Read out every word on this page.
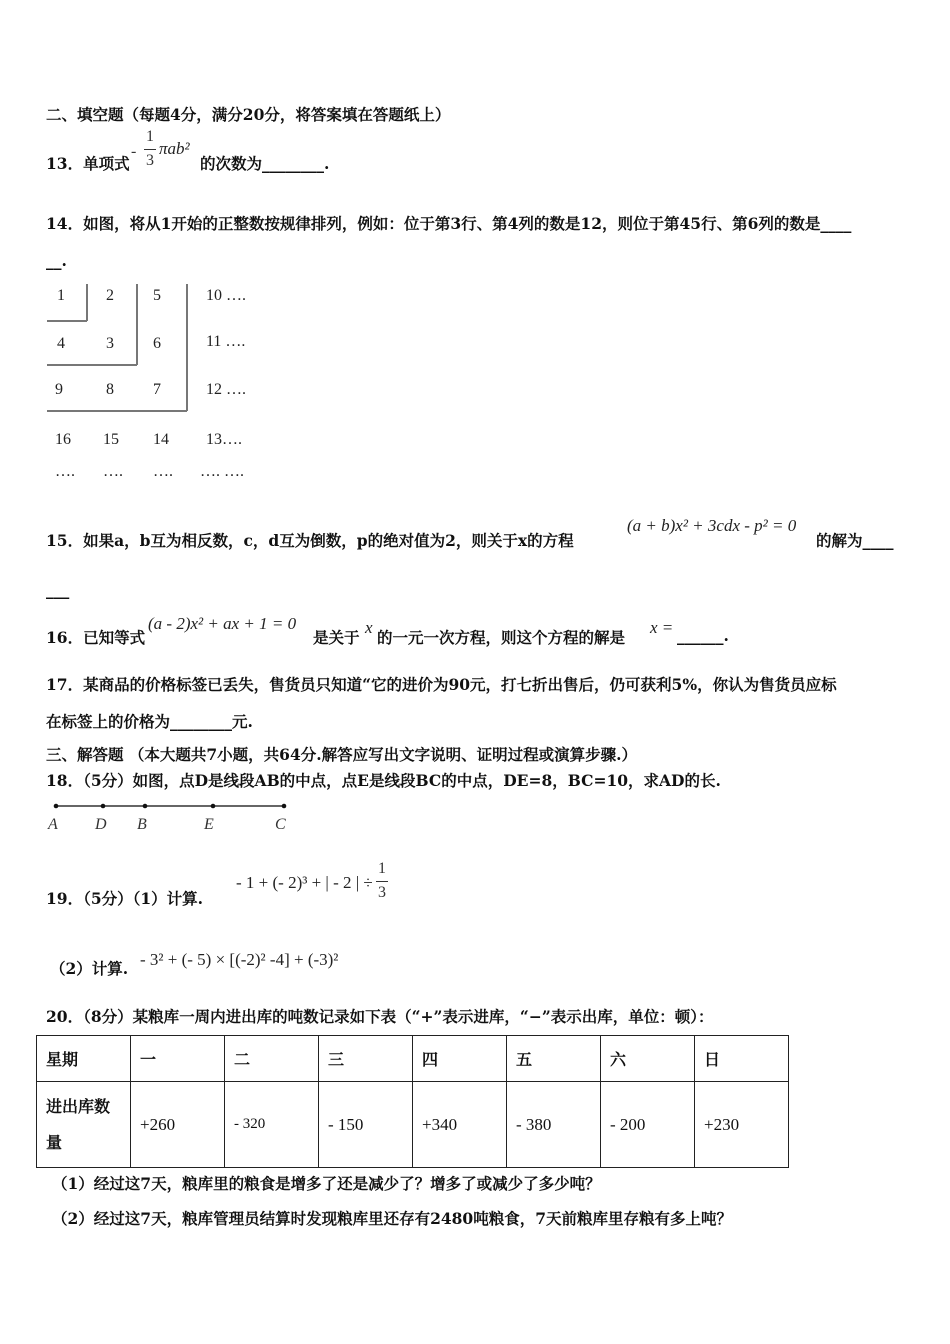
二、填空题（每题4分，满分20分，将答案填在答题纸上）
13．单项式
-
1
3
πab²
的次数为________.
14．如图，将从1开始的正整数按规律排列，例如：位于第3行、第4列的数是12，则位于第45行、第6列的数是____
__.
1	2 5	10 ….
4	3 6	11 ….
9	8 7	12 ….
16 15 14 13….
…. …. …. …. ….
15．如果a，b互为相反数，c，d互为倒数，p的绝对值为2，则关于x的方程
(a + b)x² + 3cdx - p² = 0
的解为____
___
16．已知等式
(a - 2)x² + ax + 1 = 0
是关于
x
的一元一次方程，则这个方程的解是
x = ______.
17．某商品的价格标签已丢失，售货员只知道“它的进价为90元，打七折出售后，仍可获利5%，你认为售货员应标
在标签上的价格为________元.
三、解答题 （本大题共7小题，共64分.解答应写出文字说明、证明过程或演算步骤.）
18．（5分）如图，点D是线段AB的中点，点E是线段BC的中点，DE=8，BC=10，求AD的长.
A D B	E	C
19．（5分）（1）计算.
- 1 + (- 2)³ + | - 2 | ÷
1
3
（2）计算. - 3² + (- 5) × [(-2)² -4] + (-3)²
20．（8分）某粮库一周内进出库的吨数记录如下表（“+”表示进库，“−”表示出库，单位：顿）：
星期	一	二	三	四	五	六	日
进出库数
量	+260	- 320	- 150	+340	- 380	- 200	+230
（1）经过这7天，粮库里的粮食是增多了还是减少了？增多了或减少了多少吨？
（2）经过这7天，粮库管理员结算时发现粮库里还存有2480吨粮食，7天前粮库里存粮有多上吨？
